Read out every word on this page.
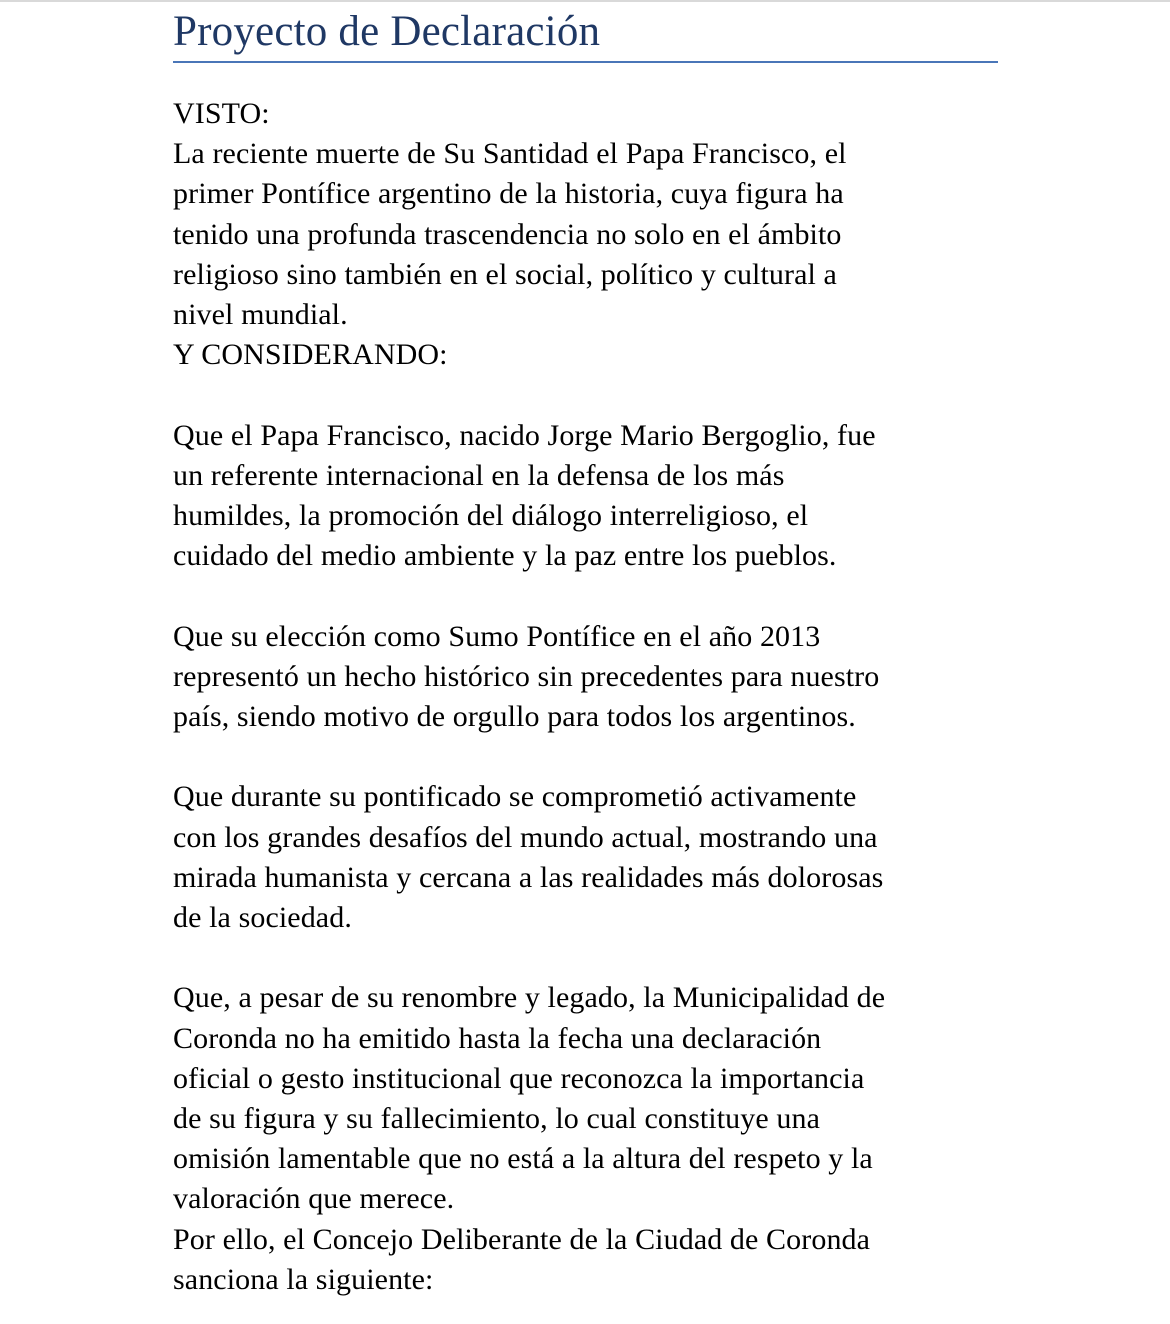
Proyecto de Declaración
VISTO:
La reciente muerte de Su Santidad el Papa Francisco, el
primer Pontífice argentino de la historia, cuya figura ha
tenido una profunda trascendencia no solo en el ámbito
religioso sino también en el social, político y cultural a
nivel mundial.
Y CONSIDERANDO:
Que el Papa Francisco, nacido Jorge Mario Bergoglio, fue
un referente internacional en la defensa de los más
humildes, la promoción del diálogo interreligioso, el
cuidado del medio ambiente y la paz entre los pueblos.
Que su elección como Sumo Pontífice en el año 2013
representó un hecho histórico sin precedentes para nuestro
país, siendo motivo de orgullo para todos los argentinos.
Que durante su pontificado se comprometió activamente
con los grandes desafíos del mundo actual, mostrando una
mirada humanista y cercana a las realidades más dolorosas
de la sociedad.
Que, a pesar de su renombre y legado, la Municipalidad de
Coronda no ha emitido hasta la fecha una declaración
oficial o gesto institucional que reconozca la importancia
de su figura y su fallecimiento, lo cual constituye una
omisión lamentable que no está a la altura del respeto y la
valoración que merece.
Por ello, el Concejo Deliberante de la Ciudad de Coronda
sanciona la siguiente:
